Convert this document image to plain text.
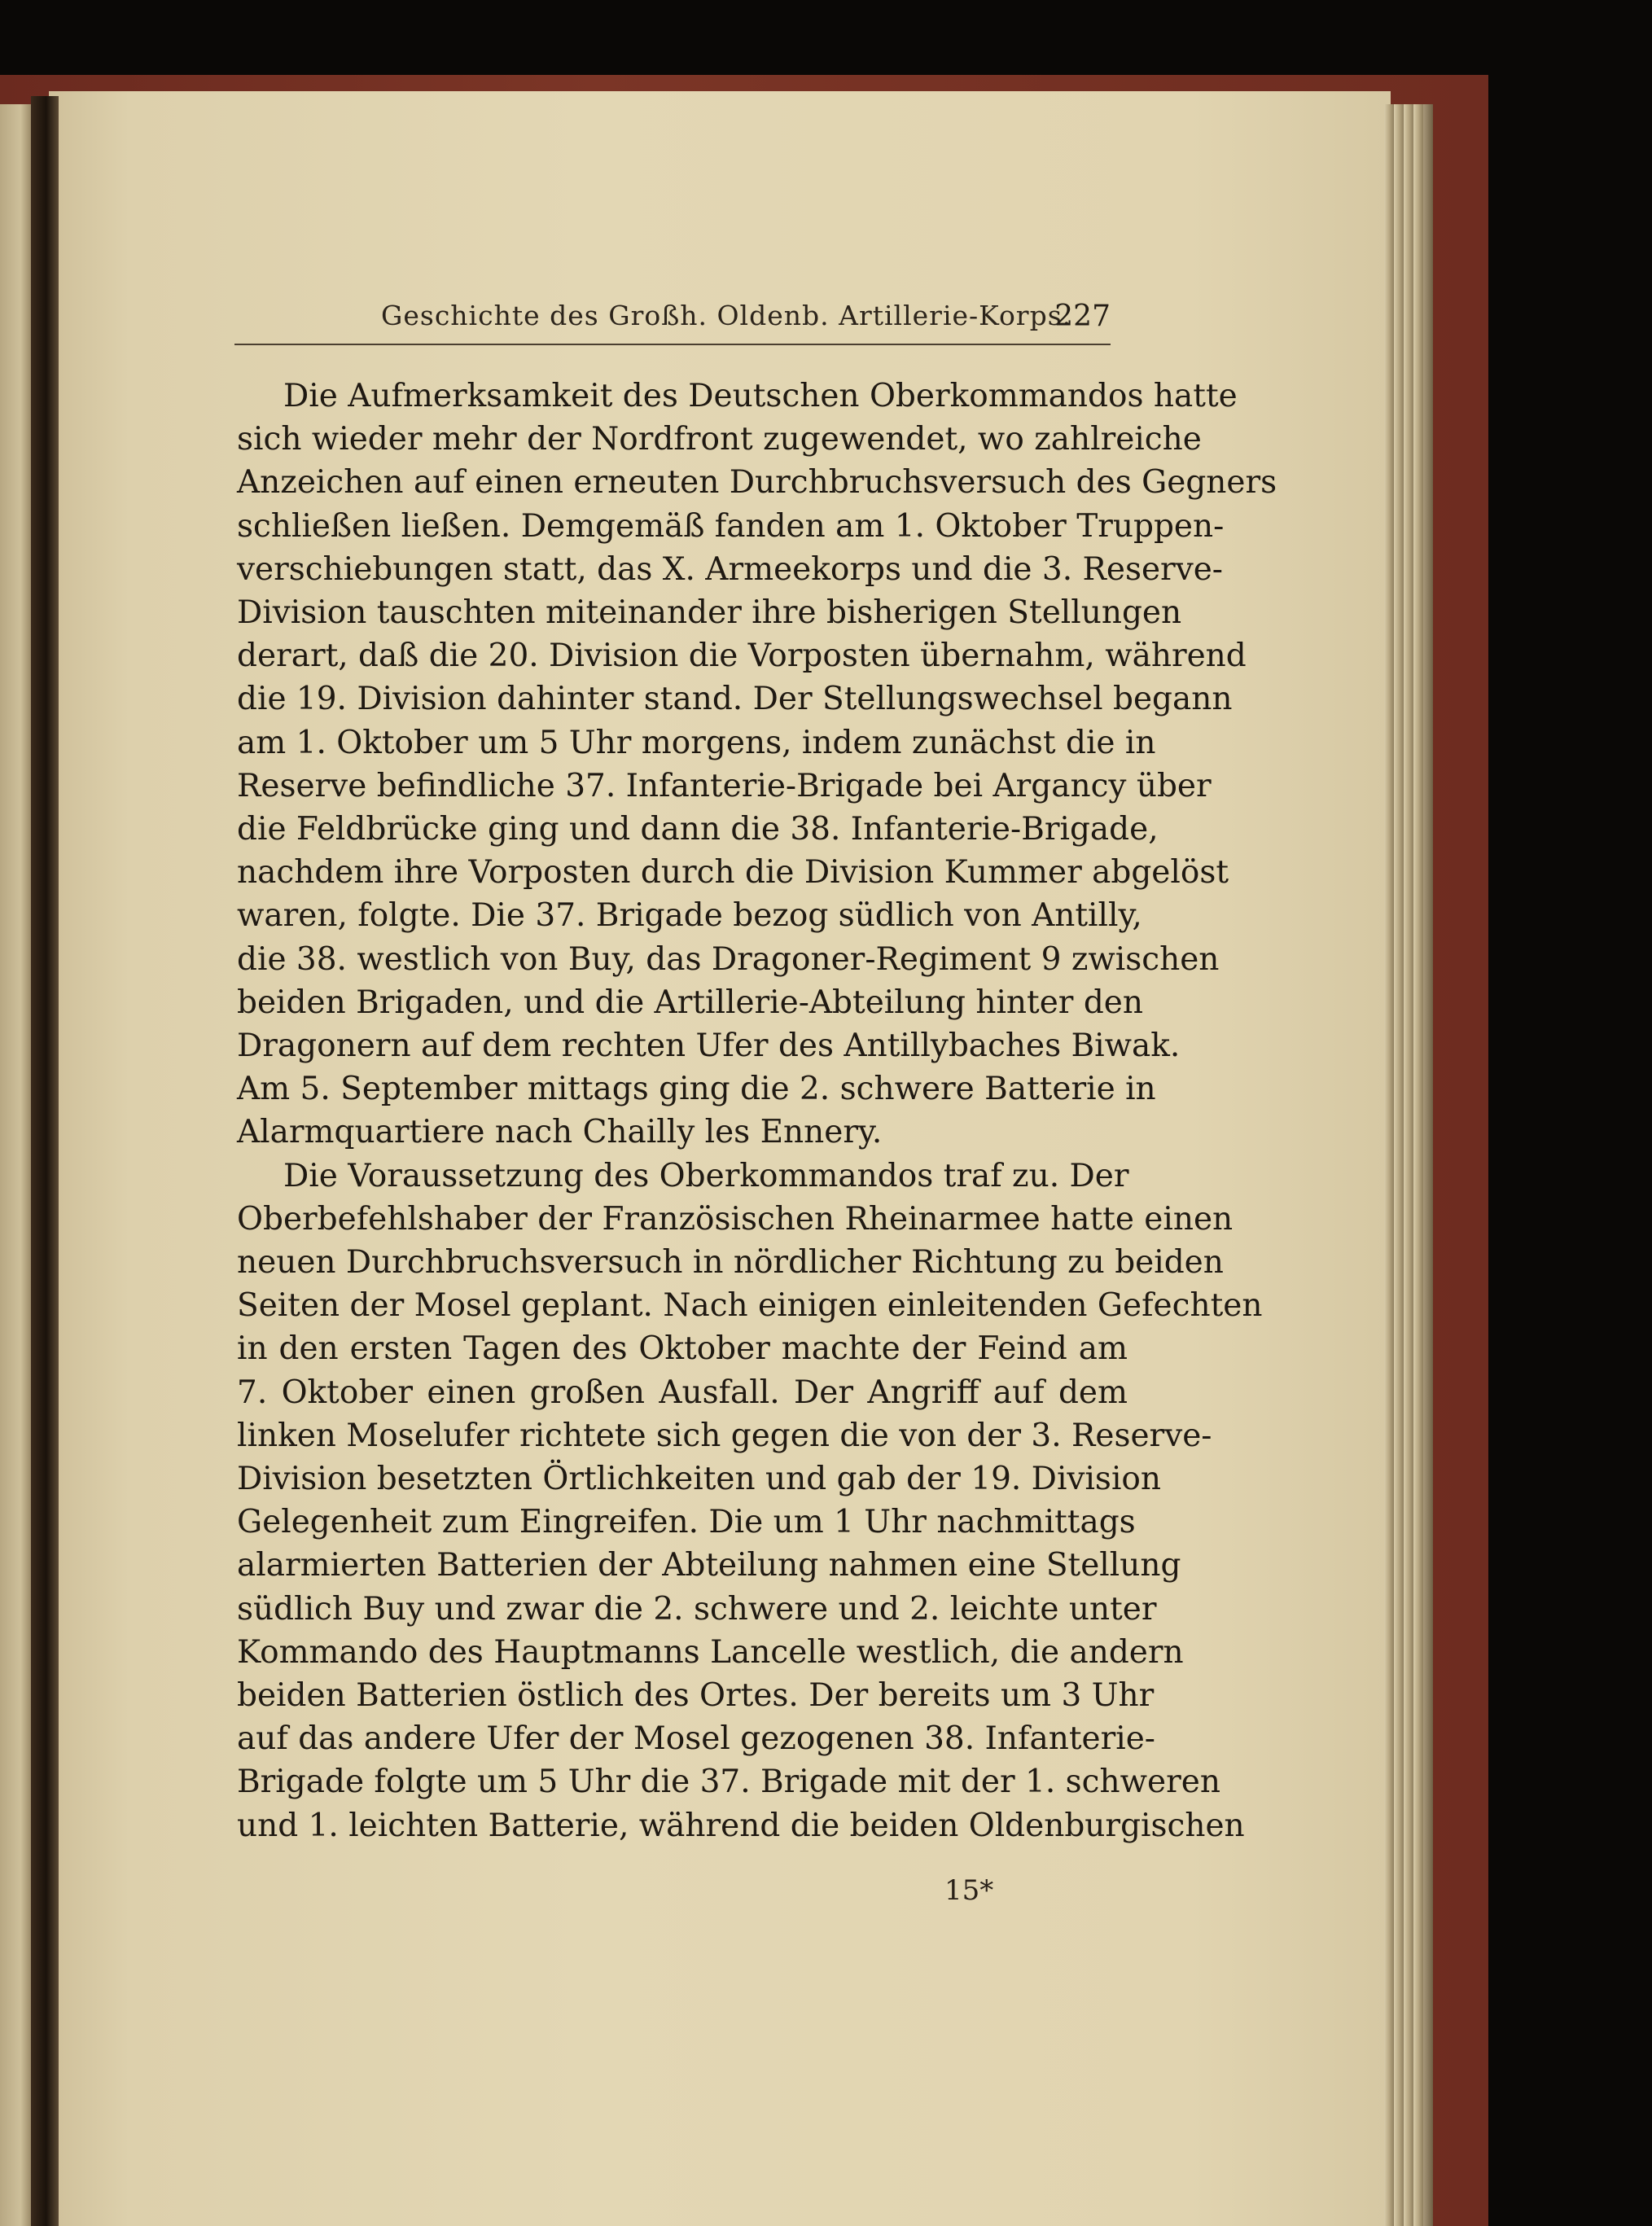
Geschichte des Großh. Oldenb. Artillerie-Korps.
227
Die Aufmerksamkeit des Deutschen Oberkommandos hatte
sich wieder mehr der Nordfront zugewendet, wo zahlreiche
Anzeichen auf einen erneuten Durchbruchsversuch des Gegners
schließen ließen. Demgemäß fanden am 1. Oktober Truppen-
verschiebungen statt, das X. Armeekorps und die 3. Reserve-
Division tauschten miteinander ihre bisherigen Stellungen
derart, daß die 20. Division die Vorposten übernahm, während
die 19. Division dahinter stand. Der Stellungswechsel begann
am 1. Oktober um 5 Uhr morgens, indem zunächst die in
Reserve befindliche 37. Infanterie-Brigade bei Argancy über
die Feldbrücke ging und dann die 38. Infanterie-Brigade,
nachdem ihre Vorposten durch die Division Kummer abgelöst
waren, folgte. Die 37. Brigade bezog südlich von Antilly,
die 38. westlich von Buy, das Dragoner-Regiment 9 zwischen
beiden Brigaden, und die Artillerie-Abteilung hinter den
Dragonern auf dem rechten Ufer des Antillybaches Biwak.
Am 5. September mittags ging die 2. schwere Batterie in
Alarmquartiere nach Chailly les Ennery.
Die Voraussetzung des Oberkommandos traf zu. Der
Oberbefehlshaber der Französischen Rheinarmee hatte einen
neuen Durchbruchsversuch in nördlicher Richtung zu beiden
Seiten der Mosel geplant. Nach einigen einleitenden Gefechten
in den ersten Tagen des Oktober machte der Feind am
7. Oktober einen großen Ausfall. Der Angriff auf dem
linken Moselufer richtete sich gegen die von der 3. Reserve-
Division besetzten Örtlichkeiten und gab der 19. Division
Gelegenheit zum Eingreifen. Die um 1 Uhr nachmittags
alarmierten Batterien der Abteilung nahmen eine Stellung
südlich Buy und zwar die 2. schwere und 2. leichte unter
Kommando des Hauptmanns Lancelle westlich, die andern
beiden Batterien östlich des Ortes. Der bereits um 3 Uhr
auf das andere Ufer der Mosel gezogenen 38. Infanterie-
Brigade folgte um 5 Uhr die 37. Brigade mit der 1. schweren
und 1. leichten Batterie, während die beiden Oldenburgischen
15*
